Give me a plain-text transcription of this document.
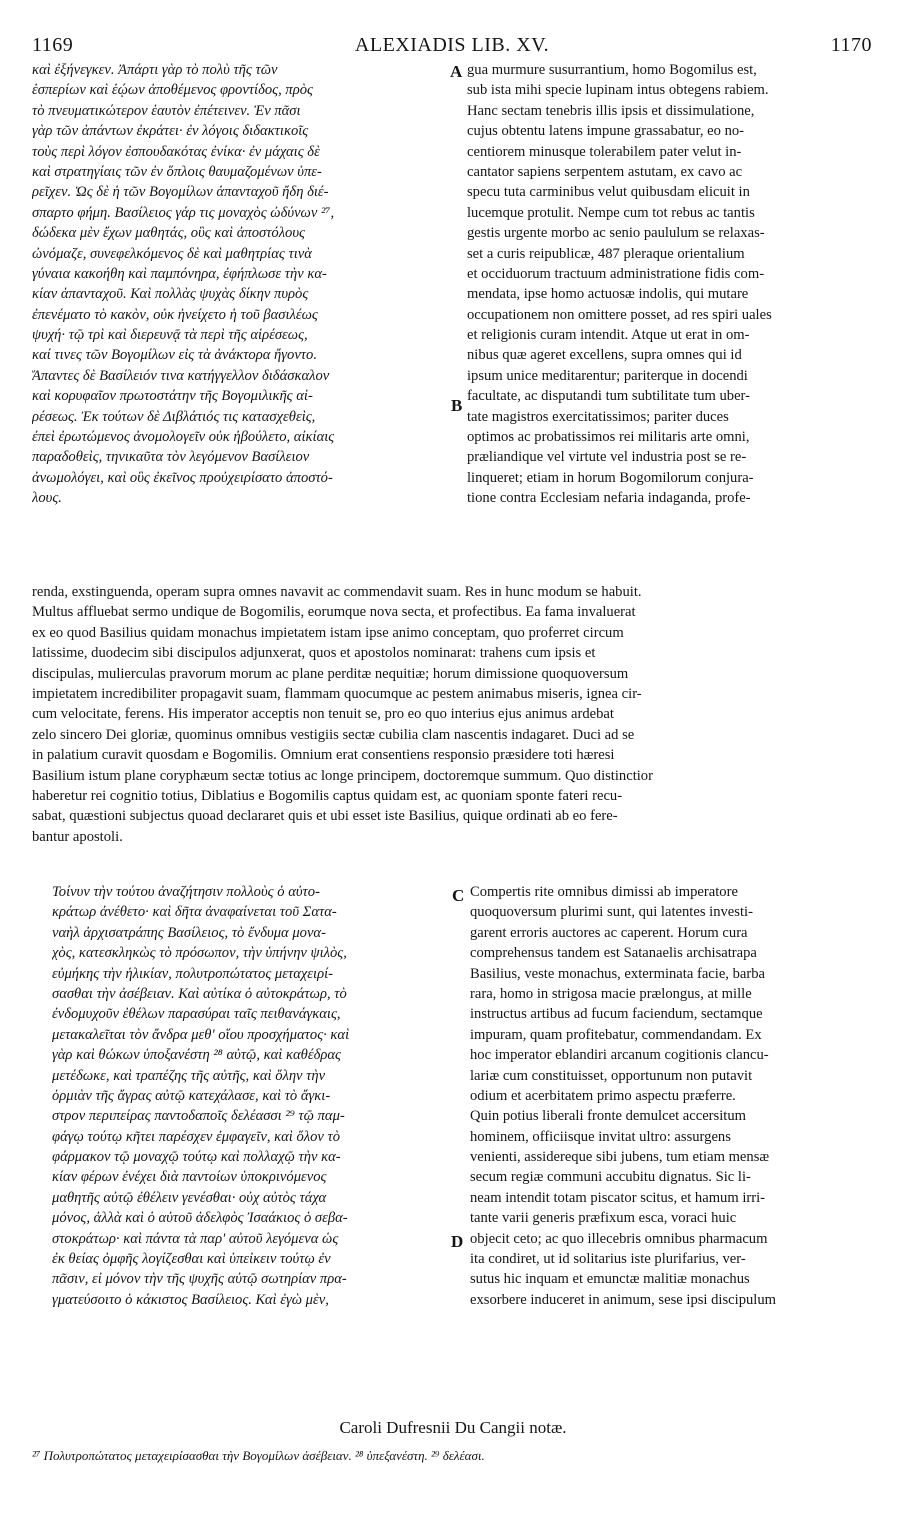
1169	ALEXIADIS LIB. XV.	1170
καὶ ἐξήνεγκεν. Ἀπάρτι γὰρ τὸ πολὺ τῆς τῶν
ἑσπερίων καὶ ἑῴων ἀποθέμενος φροντίδος, πρὸς
τὸ πνευματικώτερον ἑαυτὸν ἐπέτεινεν. Ἐν πᾶσι
γὰρ τῶν ἁπάντων ἐκράτει· ἐν λόγοις διδακτικοῖς
τοὺς περὶ λόγον ἐσπουδακότας ἐνίκα· ἐν μάχαις δὲ
καὶ στρατηγίαις τῶν ἐν ὅπλοις θαυμαζομένων ὑπε-
ρεῖχεν. Ὡς δὲ ἡ τῶν Βογομίλων ἁπανταχοῦ ἤδη διέ-
σπαρτο φήμη. Βασίλειος γάρ τις μοναχὸς ὠδύνων ²⁷,
δώδεκα μὲν ἔχων μαθητάς, οὓς καὶ ἀποστόλους
ὠνόμαζε, συνεφελκόμενος δὲ καὶ μαθητρίας τινὰ
γύναια κακοήθη καὶ παμπόνηρα, ἐφήπλωσε τὴν κα-
κίαν ἁπανταχοῦ. Καὶ πολλὰς ψυχὰς δίκην πυρὸς
ἐπενέματο τὸ κακὸν, οὐκ ἠνείχετο ἡ τοῦ βασιλέως
ψυχή· τῷ τρὶ καὶ διερευνᾷ τὰ περὶ τῆς αἱρέσεως,
καί τινες τῶν Βογομίλων εἰς τὰ ἀνάκτορα ἤγοντο.
Ἅπαντες δὲ Βασίλειόν τινα κατήγγελλον διδάσκαλον
καὶ κορυφαῖον πρωτοστάτην τῆς Βογομιλικῆς αἱ-
ρέσεως. Ἐκ τούτων δὲ Διβλάτιός τις κατασχεθεὶς,
ἐπεὶ ἐρωτώμενος ἀνομολογεῖν οὐκ ἠβούλετο, αἰκίαις
παραδοθεὶς, τηνικαῦτα τὸν λεγόμενον Βασίλειον
ἀνωμολόγει, καὶ οὓς ἐκεῖνος προὐχειρίσατο ἀποστό-
λους.
A
B
gua murmure susurrantium, homo Bogomilus est,
sub ista mihi specie lupinam intus obtegens rabiem.
Hanc sectam tenebris illis ipsis et dissimulatione,
cujus obtentu latens impune grassabatur, eo no-
centiorem minusque tolerabilem pater velut in-
cantator sapiens serpentem astutam, ex cavo ac
specu tuta carminibus velut quibusdam elicuit in
lucemque protulit. Nempe cum tot rebus ac tantis
gestis urgente morbo ac senio paululum se relaxas-
set a curis reipublicæ, 487 pleraque orientalium
et occiduorum tractuum administratione fidis com-
mendata, ipse homo actuosæ indolis, qui mutare
occupationem non omittere posset, ad res spiri uales
et religionis curam intendit. Atque ut erat in om-
nibus quæ ageret excellens, supra omnes qui id
ipsum unice meditarentur; pariterque in docendi
facultate, ac disputandi tum subtilitate tum uber-
tate magistros exercitatissimos; pariter duces
optimos ac probatissimos rei militaris arte omni,
præliandique vel virtute vel industria post se re-
linqueret; etiam in horum Bogomilorum conjura-
tione contra Ecclesiam nefaria indaganda, profe-
renda, exstinguenda, operam supra omnes navavit ac commendavit suam. Res in hunc modum se habuit.
Multus affluebat sermo undique de Bogomilis, eorumque nova secta, et profectibus. Ea fama invaluerat
ex eo quod Basilius quidam monachus impietatem istam ipse animo conceptam, quo proferret circum
latissime, duodecim sibi discipulos adjunxerat, quos et apostolos nominarat: trahens cum ipsis et
discipulas, mulierculas pravorum morum ac plane perditæ nequitiæ; horum dimissione quoquoversum
impietatem incredibiliter propagavit suam, flammam quocumque ac pestem animabus miseris, ignea cir-
cum velocitate, ferens. His imperator acceptis non tenuit se, pro eo quo interius ejus animus ardebat
zelo sincero Dei gloriæ, quominus omnibus vestigiis sectæ cubilia clam nascentis indagaret. Duci ad se
in palatium curavit quosdam e Bogomilis. Omnium erat consentiens responsio præsidere toti hæresi
Basilium istum plane coryphæum sectæ totius ac longe principem, doctoremque summum. Quo distinctior
haberetur rei cognitio totius, Diblatius e Bogomilis captus quidam est, ac quoniam sponte fateri recu-
sabat, quæstioni subjectus quoad declararet quis et ubi esset iste Basilius, quique ordinati ab eo fere-
bantur apostoli.
Τοίνυν τὴν τούτου ἀναζήτησιν πολλοὺς ὁ αὐτο-
κράτωρ ἀνέθετο· καὶ δῆτα ἀναφαίνεται τοῦ Σατα-
ναὴλ ἀρχισατράπης Βασίλειος, τὸ ἔνδυμα μονα-
χὸς, κατεσκληκὼς τὸ πρόσωπον, τὴν ὑπήνην ψιλὸς,
εὐμήκης τὴν ἡλικίαν, πολυτροπώτατος μεταχειρί-
σασθαι τὴν ἀσέβειαν. Καὶ αὐτίκα ὁ αὐτοκράτωρ, τὸ
ἐνδομυχοῦν ἐθέλων παρασύραι ταῖς πειθανάγκαις,
μετακαλεῖται τὸν ἄνδρα μεθ' οἵου προσχήματος· καὶ
γὰρ καὶ θώκων ὑποξανέστη ²⁸ αὐτῷ, καὶ καθέδρας
μετέδωκε, καὶ τραπέζης τῆς αὐτῆς, καὶ ὅλην τὴν
ὁρμιὰν τῆς ἄγρας αὐτῷ κατεχάλασε, καὶ τὸ ἄγκι-
στρον περιπείρας παντοδαποῖς δελέασσι ²⁹ τῷ παμ-
φάγῳ τούτῳ κῆτει παρέσχεν ἐμφαγεῖν, καὶ ὅλον τὸ
φάρμακον τῷ μοναχῷ τούτῳ καὶ πολλαχῷ τὴν κα-
κίαν φέρων ἐνέχει διὰ παντοίων ὑποκρινόμενος
μαθητῆς αὐτῷ ἐθέλειν γενέσθαι· οὐχ αὐτὸς τάχα
μόνος, ἀλλὰ καὶ ὁ αὐτοῦ ἀδελφὸς Ἰσαάκιος ὁ σεβα-
στοκράτωρ· καὶ πάντα τὰ παρ' αὐτοῦ λεγόμενα ὡς
ἐκ θείας ὀμφῆς λογίζεσθαι καὶ ὑπεἰκειν τούτῳ ἐν
πᾶσιν, εἰ μόνον τὴν τῆς ψυχῆς αὐτῷ σωτηρίαν πρα-
γματεύσοιτο ὁ κάκιστος Βασίλειος. Καὶ ἐγὼ μὲν,
C
D
Compertis rite omnibus dimissi ab imperatore
quoquoversum plurimi sunt, qui latentes investi-
garent erroris auctores ac caperent. Horum cura
comprehensus tandem est Satanaelis archisatrapa
Basilius, veste monachus, exterminata facie, barba
rara, homo in strigosa macie prælongus, at mille
instructus artibus ad fucum faciendum, sectamque
impuram, quam profitebatur, commendandam. Ex
hoc imperator eblandiri arcanum cogitionis clancu-
lariæ cum constituisset, opportunum non putavit
odium et acerbitatem primo aspectu præferre.
Quin potius liberali fronte demulcet accersitum
hominem, officiisque invitat ultro: assurgens
venienti, assidereque sibi jubens, tum etiam mensæ
secum regiæ communi accubitu dignatus. Sic li-
neam intendit totam piscator scitus, et hamum irri-
tante varii generis præfixum esca, voraci huic
objecit ceto; ac quo illecebris omnibus pharmacum
ita condiret, ut id solitarius iste plurifarius, ver-
sutus hic inquam et emunctæ malitiæ monachus
exsorbere induceret in animum, sese ipsi discipulum
Caroli Dufresnii Du Cangii notæ.
²⁷ Πολυτροπώτατος μεταχειρίσασθαι τὴν Βογομίλων ἀσέβειαν. ²⁸ ὑπεξανέστη. ²⁹ δελέασι.
